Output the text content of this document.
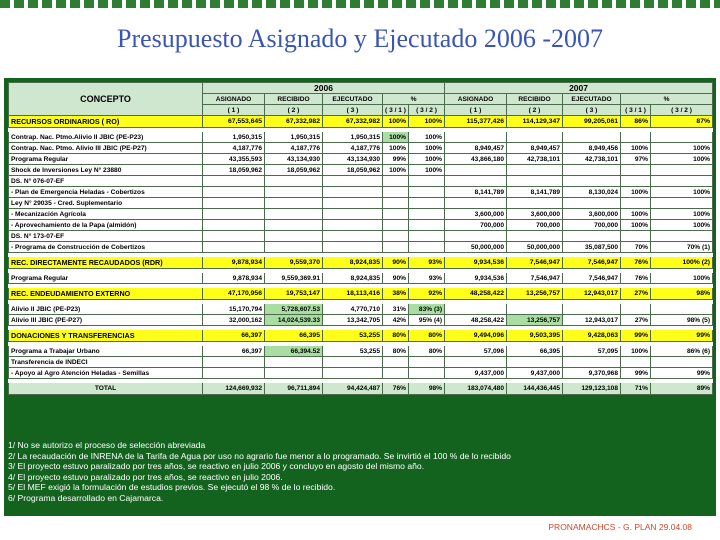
Presupuesto Asignado y Ejecutado 2006 -2007
CONCEPTO	2006					2007				
	ASIGNADO	RECIBIDO	EJECUTADO	%		ASIGNADO	RECIBIDO	EJECUTADO	%	
	( 1 )	( 2 )	( 3 )	( 3 / 1 )	( 3 / 2 )	( 1 )	( 2 )	( 3 )	( 3 / 1 )	( 3 / 2 )
RECURSOS ORDINARIOS ( RO)	67,553,645	67,332,982	67,332,982	100%	100%	115,377,426	114,129,347	99,205,061	86%	87%

Contrap. Nac. Ptmo.Alivio II JBIC (PE-P23)	1,950,315	1,950,315	1,950,315	100%	100%					
Contrap. Nac. Ptmo. Alivio III JBIC (PE-P27)	4,187,776	4,187,776	4,187,776	100%	100%	8,949,457	8,949,457	8,949,456	100%	100%
Programa Regular	43,355,593	43,134,930	43,134,930	99%	100%	43,866,180	42,738,101	42,738,101	97%	100%
Shock de Inversiones Ley N° 23880	18,059,962	18,059,962	18,059,962	100%	100%					
DS. N° 076-07-EF										
- Plan de Emergencia Heladas - Cobertizos						8,141,789	8,141,789	8,130,024	100%	100%
Ley N° 29035 - Cred. Suplementario										
- Mecanización Agrícola						3,600,000	3,600,000	3,600,000	100%	100%
- Aprovechamiento de la Papa (almidón)						700,000	700,000	700,000	100%	100%
DS. N° 173-07-EF										
- Programa de Construcción de Cobertizos						50,000,000	50,000,000	35,087,500	70%	70% (1)

REC. DIRECTAMENTE RECAUDADOS (RDR)	9,878,934	9,559,370	8,924,835	90%	93%	9,934,536	7,546,947	7,546,947	76%	100% (2)

Programa Regular	9,878,934	9,559,369.91	8,924,835	90%	93%	9,934,536	7,546,947	7,546,947	76%	100%

REC. ENDEUDAMIENTO EXTERNO	47,170,956	19,753,147	18,113,416	38%	92%	48,258,422	13,256,757	12,943,017	27%	98%

Alivio II JBIC (PE-P23)	15,170,794	5,728,607.53	4,770,710	31%	83% (3)					
Alivio III JBIC (PE-P27)	32,000,162	14,024,539.33	13,342,705	42%	95% (4)	48,258,422	13,256,757	12,943,017	27%	98% (5)

DONACIONES Y TRANSFERENCIAS	66,397	66,395	53,255	80%	80%	9,494,096	9,503,395	9,428,063	99%	99%

Programa a Trabajar Urbano	66,397	66,394.52	53,255	80%	80%	57,096	66,395	57,095	100%	86% (6)
Transferencia de INDECI										
- Apoyo al Agro Atención Heladas - Semillas						9,437,000	9,437,000	9,370,968	99%	99%

TOTAL	124,669,932	96,711,894	94,424,487	76%	98%	183,074,480	144,436,445	129,123,108	71%	89%
1/ No se autorizo el proceso de selección abreviada
2/ La recaudación de INRENA de la Tarifa de Agua por uso no agrario fue menor a lo programado. Se invirtió el 100 % de lo recibido
3/ El proyecto estuvo paralizado por tres años, se reactivo en julio 2006 y concluyo en agosto del mismo año.
4/ El proyecto estuvo paralizado por tres años, se reactivo en julio 2006.
5/ El MEF exigió la formulación de estudios previos. Se ejecutó el 98 % de lo recibido.
6/ Programa desarrollado en Cajamarca.
PRONAMACHCS - G. PLAN 29.04.08
